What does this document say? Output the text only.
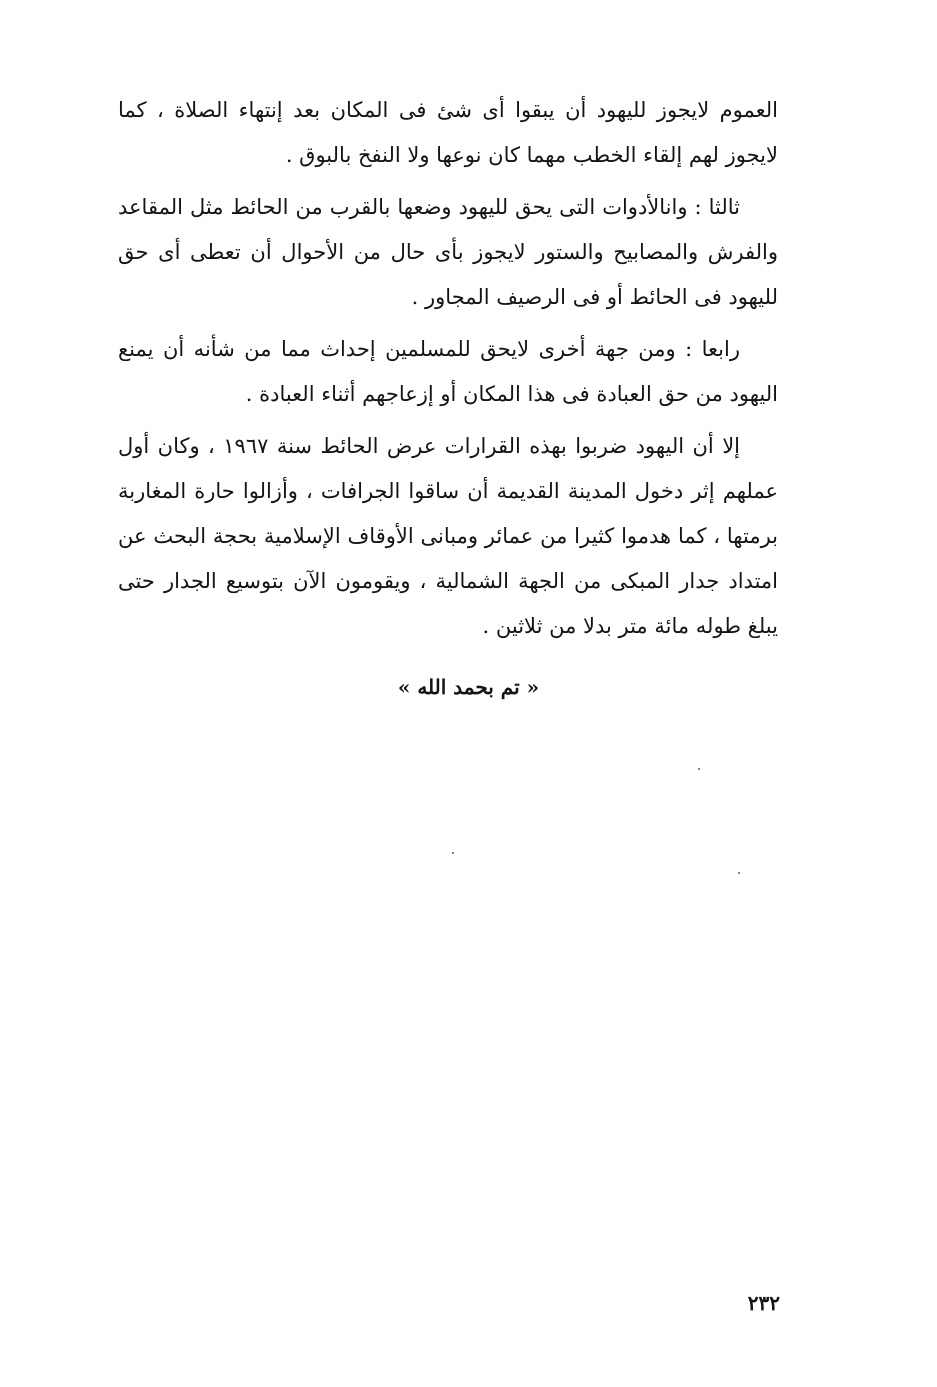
العموم لايجوز لليهود أن يبقوا أى شئ فى المكان بعد إنتهاء الصلاة ، كما لايجوز لهم إلقاء الخطب مهما كان نوعها ولا النفخ بالبوق .

ثالثا : وانالأدوات التى يحق لليهود وضعها بالقرب من الحائط مثل المقاعد والفرش والمصابيح والستور لايجوز بأى حال من الأحوال أن تعطى أى حق لليهود فى الحائط أو فى الرصيف المجاور .

رابعا : ومن جهة أخرى لايحق للمسلمين إحداث مما من شأنه أن يمنع اليهود من حق العبادة فى هذا المكان أو إزعاجهم أثناء العبادة .

إلا أن اليهود ضربوا بهذه القرارات عرض الحائط سنة ١٩٦٧ ، وكان أول عملهم إثر دخول المدينة القديمة أن ساقوا الجرافات ، وأزالوا حارة المغاربة برمتها ، كما هدموا كثيرا من عمائر ومبانى الأوقاف الإسلامية بحجة البحث عن امتداد جدار المبكى من الجهة الشمالية ، ويقومون الآن بتوسيع الجدار حتى يبلغ طوله مائة متر بدلا من ثلاثين .

« تم بحمد الله »
٢٣٢
